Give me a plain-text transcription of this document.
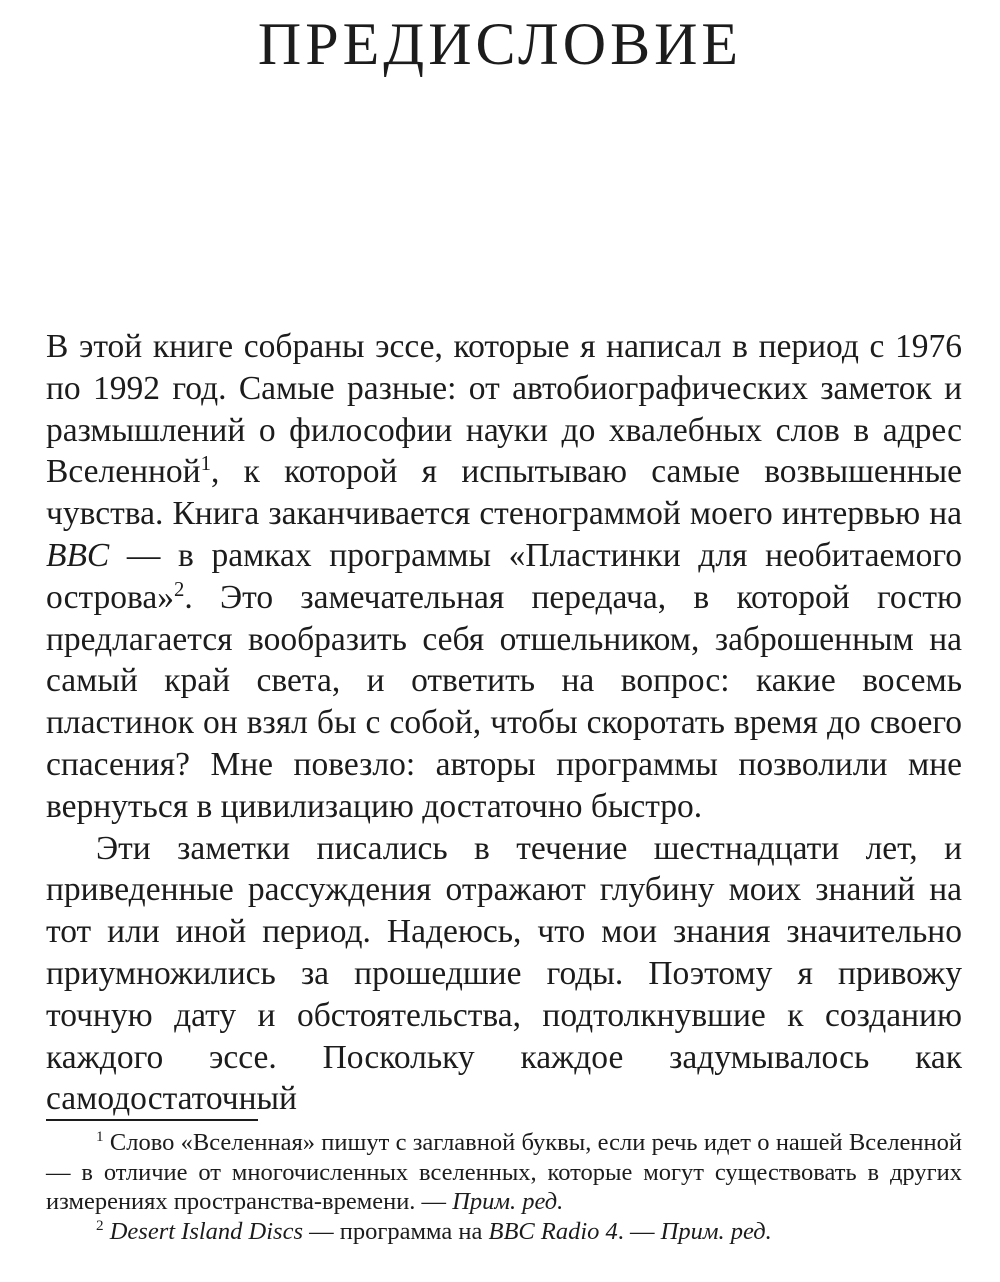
ПРЕДИСЛОВИЕ

В этой книге собраны эссе, которые я написал в период с 1976 по 1992 год. Самые разные: от автобиографических заметок и размышлений о философии науки до хвалебных слов в адрес Вселенной$^1$, к которой я испытываю самые возвышенные чувства. Книга заканчивается стенограммой моего интервью на BBC — в рамках программы «Пластинки для необитаемого острова»$^2$. Это замечательная передача, в которой гостю предлагается вообразить себя отшельником, заброшенным на самый край света, и ответить на вопрос: какие восемь пластинок он взял бы с собой, чтобы скоротать время до своего спасения? Мне повезло: авторы программы позволили мне вернуться в цивилизацию достаточно быстро.

Эти заметки писались в течение шестнадцати лет, и приведенные рассуждения отражают глубину моих знаний на тот или иной период. Надеюсь, что мои знания значительно приумножились за прошедшие годы. Поэтому я привожу точную дату и обстоятельства, подтолкнувшие к созданию каждого эссе. Поскольку каждое задумывалось как самодостаточный

$^1$ Слово «Вселенная» пишут с заглавной буквы, если речь идет о нашей Вселенной — в отличие от многочисленных вселенных, которые могут существовать в других измерениях пространства-времени. — Прим. ред.

$^2$ Desert Island Discs — программа на BBC Radio 4. — Прим. ред.
